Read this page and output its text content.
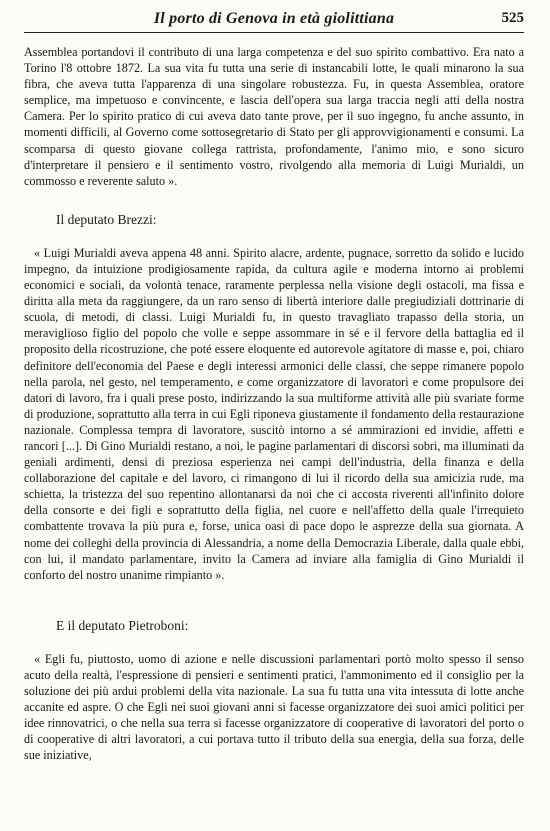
Il porto di Genova in età giolittiana	525

Assemblea portandovi il contributo di una larga competenza e del suo spirito combattivo. Era nato a Torino l'8 ottobre 1872. La sua vita fu tutta una serie di instancabili lotte, le quali minarono la sua fibra, che aveva tutta l'apparenza di una singolare robustezza. Fu, in questa Assemblea, oratore semplice, ma impetuoso e convincente, e lascia dell'opera sua larga traccia negli atti della nostra Camera. Per lo spirito pratico di cui aveva dato tante prove, per il suo ingegno, fu anche assunto, in momenti difficili, al Governo come sottosegretario di Stato per gli approvvigionamenti e consumi. La scomparsa di questo giovane collega rattrista, profondamente, l'animo mio, e sono sicuro d'interpretare il pensiero e il sentimento vostro, rivolgendo alla memoria di Luigi Murialdi, un commosso e reverente saluto ».

Il deputato Brezzi:

« Luigi Murialdi aveva appena 48 anni. Spirito alacre, ardente, pugnace, sorretto da solido e lucido impegno, da intuizione prodigiosamente rapida, da cultura agile e moderna intorno ai problemi economici e sociali, da volontà tenace, raramente perplessa nella visione degli ostacoli, ma fissa e diritta alla meta da raggiungere, da un raro senso di libertà interiore dalle pregiudiziali dottrinarie di scuola, di metodi, di classi. Luigi Murialdi fu, in questo travagliato trapasso della storia, un meraviglioso figlio del popolo che volle e seppe assommare in sé e il fervore della battaglia ed il proposito della ricostruzione, che poté essere eloquente ed autorevole agitatore di masse e, poi, chiaro definitore dell'economia del Paese e degli interessi armonici delle classi, che seppe rimanere popolo nella parola, nel gesto, nel temperamento, e come organizzatore di lavoratori e come propulsore dei datori di lavoro, fra i quali prese posto, indirizzando la sua multiforme attività alle più svariate forme di produzione, soprattutto alla terra in cui Egli riponeva giustamente il fondamento della restaurazione nazionale. Complessa tempra di lavoratore, suscitò intorno a sé ammirazioni ed invidie, affetti e rancori [...]. Di Gino Murialdi restano, a noi, le pagine parlamentari di discorsi sobri, ma illuminati da geniali ardimenti, densi di preziosa esperienza nei campi dell'industria, della finanza e della collaborazione del capitale e del lavoro, ci rimangono di lui il ricordo della sua amicizia rude, ma schietta, la tristezza del suo repentino allontanarsi da noi che ci accosta riverenti all'infinito dolore della consorte e dei figli e soprattutto della figlia, nel cuore e nell'affetto della quale l'irrequieto combattente trovava la più pura e, forse, unica oasi di pace dopo le asprezze della sua giornata. A nome dei colleghi della provincia di Alessandria, a nome della Democrazia Liberale, dalla quale ebbi, con lui, il mandato parlamentare, invito la Camera ad inviare alla famiglia di Gino Murialdi il conforto del nostro unanime rimpianto ».

E il deputato Pietroboni:

« Egli fu, piuttosto, uomo di azione e nelle discussioni parlamentari portò molto spesso il senso acuto della realtà, l'espressione di pensieri e sentimenti pratici, l'ammonimento ed il consiglio per la soluzione dei più ardui problemi della vita nazionale. La sua fu tutta una vita intessuta di lotte anche accanite ed aspre. O che Egli nei suoi giovani anni si facesse organizzatore dei suoi amici politici per idee rinnovatrici, o che nella sua terra si facesse organizzatore di cooperative di lavoratori del porto o di cooperative di altri lavoratori, a cui portava tutto il tributo della sua energia, della sua forza, delle sue iniziative,
